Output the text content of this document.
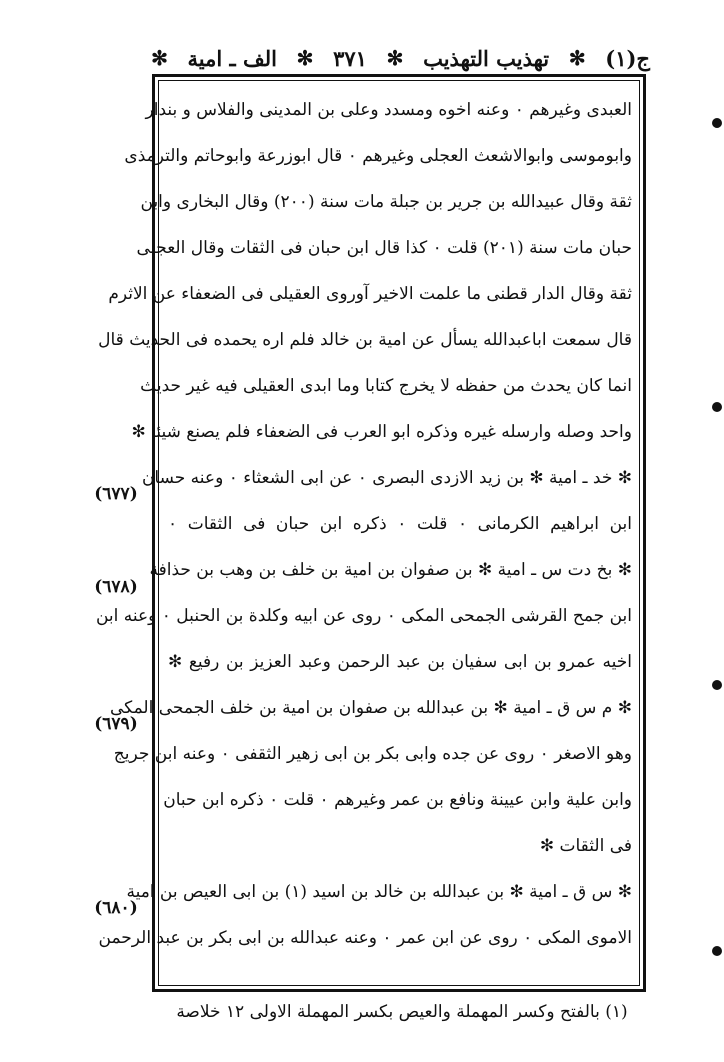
ج(١)
✻
تهذيب التهذيب
✻
٣٧١
✻
الف ـ امية
✻
العبدى وغيرهم ٠ وعنه اخوه ومسدد وعلى بن المدينى والفلاس و بندار
وابوموسى وابوالاشعث العجلى وغيرهم ٠ قال ابوزرعة وابوحاتم والترمذى
ثقة وقال عبيدالله بن جرير بن جبلة مات سنة (٢٠٠) وقال البخارى وابن
حبان مات سنة (٢٠١) قلت ٠ كذا قال ابن حبان فى الثقات وقال العجلى
ثقة وقال الدار قطنى ما علمت الاخير آوروى العقيلى فى الضعفاء عن الاثرم
قال سمعت اباعبدالله يسأل عن امية بن خالد فلم اره يحمده فى الحديث قال
انما كان يحدث من حفظه لا يخرج كتابا وما ابدى العقيلى فيه غير حديث
واحد وصله وارسله غيره وذكره ابو العرب فى الضعفاء فلم يصنع شيئا ✻
✻ خد ـ امية ✻ بن زيد الازدى البصرى ٠ عن ابى الشعثاء ٠ وعنه حسان
ابن ابراهيم الكرمانى ٠ قلت ٠ ذكره ابن حبان فى الثقات ٠
✻ بخ دت س ـ امية ✻ بن صفوان بن امية بن خلف بن وهب بن حذافة
ابن جمح القرشى الجمحى المكى ٠ روى عن ابيه وكلدة بن الحنبل ٠ وعنه ابن
اخيه عمرو بن ابى سفيان بن عبد الرحمن وعبد العزيز بن رفيع ✻
✻ م س ق ـ امية ✻ بن عبدالله بن صفوان بن امية بن خلف الجمحى المكى
وهو الاصغر ٠ روى عن جده وابى بكر بن ابى زهير الثقفى ٠ وعنه ابن جريج
وابن علية وابن عيينة ونافع بن عمر وغيرهم ٠ قلت ٠ ذكره ابن حبان
فى الثقات ✻
✻ س ق ـ امية ✻ بن عبدالله بن خالد بن اسيد (١) بن ابى العيص بن امية
الاموى المكى ٠ روى عن ابن عمر ٠ وعنه عبدالله بن ابى بكر بن عبد الرحمن
(٦٧٧)
(٦٧٨)
(٦٧٩)
(٦٨٠)
(١) بالفتح وكسر المهملة والعيص بكسر المهملة الاولى ١٢ خلاصة
